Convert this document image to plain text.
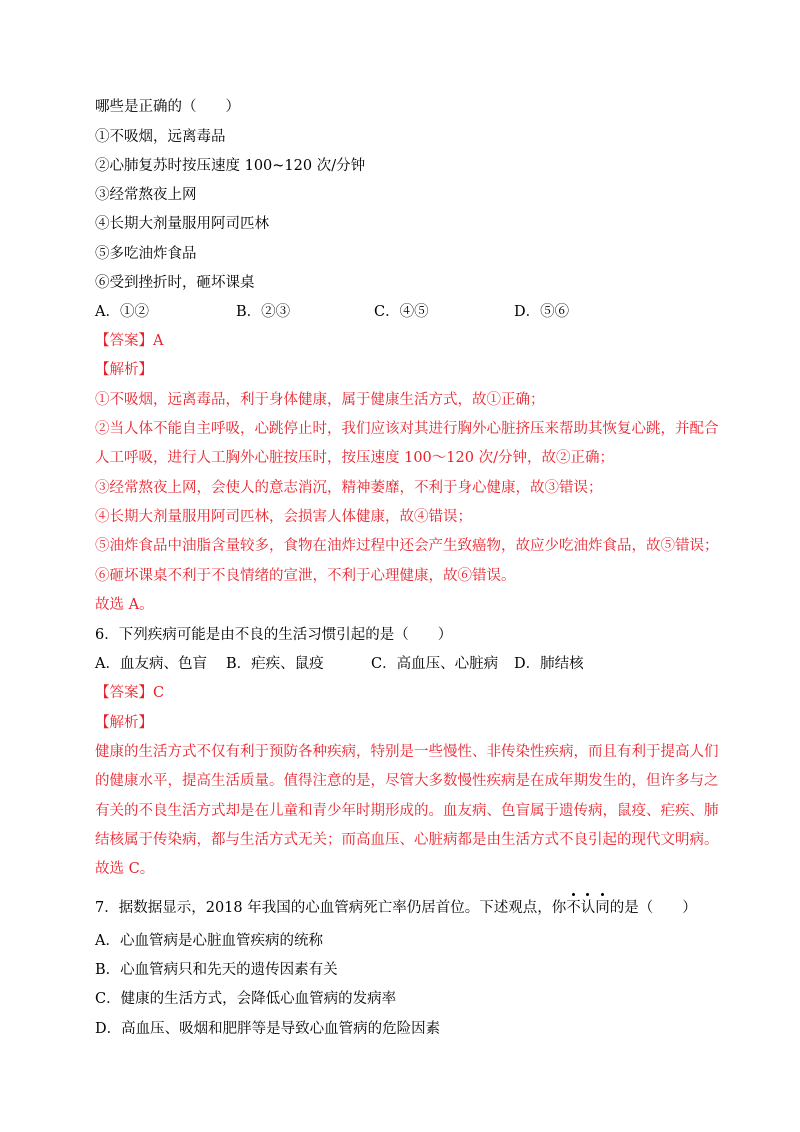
哪些是正确的（　　）
①不吸烟，远离毒品
②心肺复苏时按压速度 100~120 次/分钟
③经常熬夜上网
④长期大剂量服用阿司匹林
⑤多吃油炸食品
⑥受到挫折时，砸坏课桌
A．①②	B．②③	C．④⑤	D．⑤⑥
【答案】A
【解析】
①不吸烟，远离毒品，利于身体健康，属于健康生活方式，故①正确；
②当人体不能自主呼吸，心跳停止时，我们应该对其进行胸外心脏挤压来帮助其恢复心跳，并配合
人工呼吸，进行人工胸外心脏按压时，按压速度 100～120 次/分钟，故②正确；
③经常熬夜上网，会使人的意志消沉，精神萎靡，不利于身心健康，故③错误；
④长期大剂量服用阿司匹林，会损害人体健康，故④错误；
⑤油炸食品中油脂含量较多，食物在油炸过程中还会产生致癌物，故应少吃油炸食品，故⑤错误；
⑥砸坏课桌不利于不良情绪的宣泄，不利于心理健康，故⑥错误。
故选 A。
6．下列疾病可能是由不良的生活习惯引起的是（　　）
A．血友病、色盲 B．疟疾、鼠疫	C．高血压、心脏病 D．肺结核
【答案】C
【解析】
健康的生活方式不仅有利于预防各种疾病，特别是一些慢性、非传染性疾病，而且有利于提高人们
的健康水平，提高生活质量。值得注意的是，尽管大多数慢性疾病是在成年期发生的，但许多与之
有关的不良生活方式却是在儿童和青少年时期形成的。血友病、色盲属于遗传病，鼠疫、疟疾、肺
结核属于传染病，都与生活方式无关；而高血压、心脏病都是由生活方式不良引起的现代文明病。
故选 C。
7．据数据显示，2018 年我国的心血管病死亡率仍居首位。下述观点，你不认同
的是（　　）
A．心血管病是心脏血管疾病的统称
B．心血管病只和先天的遗传因素有关
C．健康的生活方式，会降低心血管病的发病率
D．高血压、吸烟和肥胖等是导致心血管病的危险因素
